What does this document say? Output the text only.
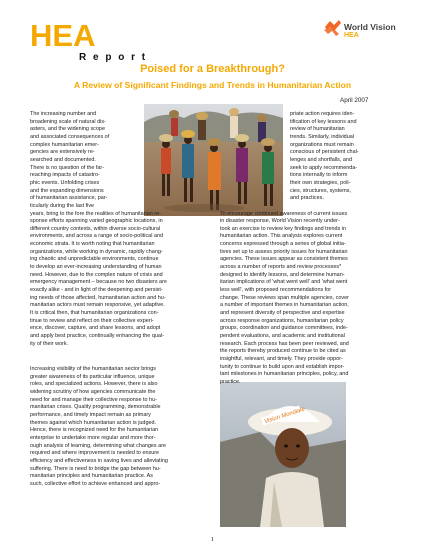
HEA
R e p o r t
World Vision
HEA
Poised for a Breakthrough?
A Review of Significant Findings and Trends in Humanitarian Action
April 2007
Vision Mondiale
The increasing number and
broadening scale of natural dis-
asters, and the widening scope
and associated consequences of
complex humanitarian emer-
gencies are extensively re-
searched and documented.
There is no question of the far-
reaching impacts of catastro-
phic events. Unfolding crises
and the expanding dimensions
of humanitarian assistance, par-
ticularly during the last five
years, bring to the fore the realities of humanitarian re-
sponse efforts spanning varied geographic locations, in
different country contexts, within diverse socio-cultural
environments, and across a range of socio-political and
economic strata. It is worth noting that humanitarian
organizations, while working in dynamic, rapidly chang-
ing chaotic and unpredictable environments, continue
to develop an ever-increasing understanding of human
need. However, due to the complex nature of crisis and
emergency management – because no two disasters are
exactly alike - and in light of the deepening and persist-
ing needs of those affected, humanitarian action and hu-
manitarian actors must remain responsive, yet adaptive.
It is critical then, that humanitarian organizations con-
tinue to review and reflect on their collective experi-
ence, discover, capture, and share lessons, and adopt
and apply best practice, continually enhancing the qual-
ity of their work.
Increasing visibility of the humanitarian sector brings
greater awareness of its particular influence, unique
roles, and specialized actions. However, there is also
widening scrutiny of how agencies communicate the
need for and manage their collective response to hu-
manitarian crises. Quality programming, demonstrable
performance, and timely impact remain as primary
themes against which humanitarian action is judged.
Hence, there is recognized need for the humanitarian
enterprise to undertake more regular and more thor-
ough analysis of learning, determining what changes are
required and where improvement is needed to ensure
efficiency and effectiveness in saving lives and alleviating
suffering. There is need to bridge the gap between hu-
manitarian principles and humanitarian practice. As
such, collective effort to achieve enhanced and appro-
priate action requires iden-
tification of key lessons and
review of humanitarian
trends. Similarly, individual
organizations must remain
conscious of persistent chal-
lenges and shortfalls, and
seek to apply recommenda-
tions internally to inform
their own strategies, poli-
cies, structures, systems,
and practices.
To encourage continued awareness of current issues
in disaster response, World Vision recently under-
took an exercise to review key findings and trends in
humanitarian action. This analysis explores current
concerns expressed through a series of global initia-
tives set up to assess priority issues for humanitarian
agencies. These issues appear as consistent themes
across a number of reports and review processes*
designed to identify lessons, and determine human-
itarian implications of 'what went well' and 'what went
less well', with proposed recommendations for
change. These reviews span multiple agencies, cover
a number of important themes in humanitarian action,
and represent diversity of perspective and expertise
across response organizations, humanitarian policy
groups, coordination and guidance committees, inde-
pendent evaluations, and academic and institutional
research. Each process has been peer reviewed, and
the reports thereby produced continue to be cited as
insightful, relevant, and timely. They provide oppor-
tunity to continue to build upon and establish impor-
tant milestones in humanitarian principles, policy, and
practice.
1
